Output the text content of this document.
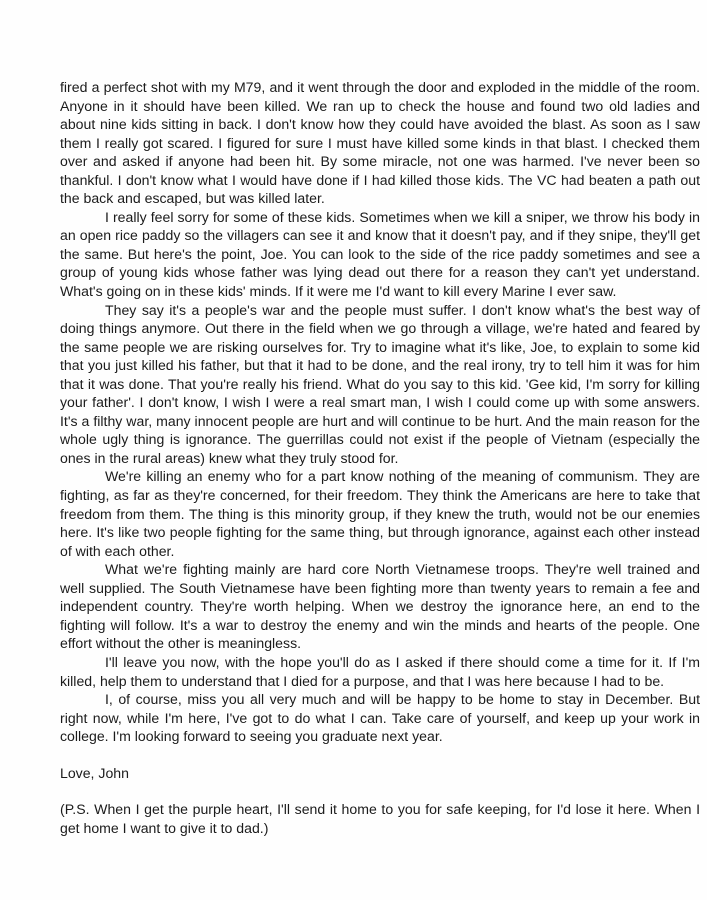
fired a perfect shot with my M79, and it went through the door and exploded in the middle of the room. Anyone in it should have been killed. We ran up to check the house and found two old ladies and about nine kids sitting in back. I don't know how they could have avoided the blast. As soon as I saw them I really got scared. I figured for sure I must have killed some kinds in that blast. I checked them over and asked if anyone had been hit. By some miracle, not one was harmed. I've never been so thankful. I don't know what I would have done if I had killed those kids. The VC had beaten a path out the back and escaped, but was killed later.

I really feel sorry for some of these kids. Sometimes when we kill a sniper, we throw his body in an open rice paddy so the villagers can see it and know that it doesn't pay, and if they snipe, they'll get the same. But here's the point, Joe. You can look to the side of the rice paddy sometimes and see a group of young kids whose father was lying dead out there for a reason they can't yet understand. What's going on in these kids' minds. If it were me I'd want to kill every Marine I ever saw.

They say it's a people's war and the people must suffer. I don't know what's the best way of doing things anymore. Out there in the field when we go through a village, we're hated and feared by the same people we are risking ourselves for. Try to imagine what it's like, Joe, to explain to some kid that you just killed his father, but that it had to be done, and the real irony, try to tell him it was for him that it was done. That you're really his friend. What do you say to this kid. 'Gee kid, I'm sorry for killing your father'. I don't know, I wish I were a real smart man, I wish I could come up with some answers. It's a filthy war, many innocent people are hurt and will continue to be hurt. And the main reason for the whole ugly thing is ignorance. The guerrillas could not exist if the people of Vietnam (especially the ones in the rural areas) knew what they truly stood for.

We're killing an enemy who for a part know nothing of the meaning of communism. They are fighting, as far as they're concerned, for their freedom. They think the Americans are here to take that freedom from them. The thing is this minority group, if they knew the truth, would not be our enemies here. It's like two people fighting for the same thing, but through ignorance, against each other instead of with each other.

What we're fighting mainly are hard core North Vietnamese troops. They're well trained and well supplied. The South Vietnamese have been fighting more than twenty years to remain a fee and independent country. They're worth helping. When we destroy the ignorance here, an end to the fighting will follow. It's a war to destroy the enemy and win the minds and hearts of the people. One effort without the other is meaningless.

I'll leave you now, with the hope you'll do as I asked if there should come a time for it. If I'm killed, help them to understand that I died for a purpose, and that I was here because I had to be.

I, of course, miss you all very much and will be happy to be home to stay in December. But right now, while I'm here, I've got to do what I can. Take care of yourself, and keep up your work in college. I'm looking forward to seeing you graduate next year.

Love, John

(P.S. When I get the purple heart, I'll send it home to you for safe keeping, for I'd lose it here. When I get home I want to give it to dad.)
